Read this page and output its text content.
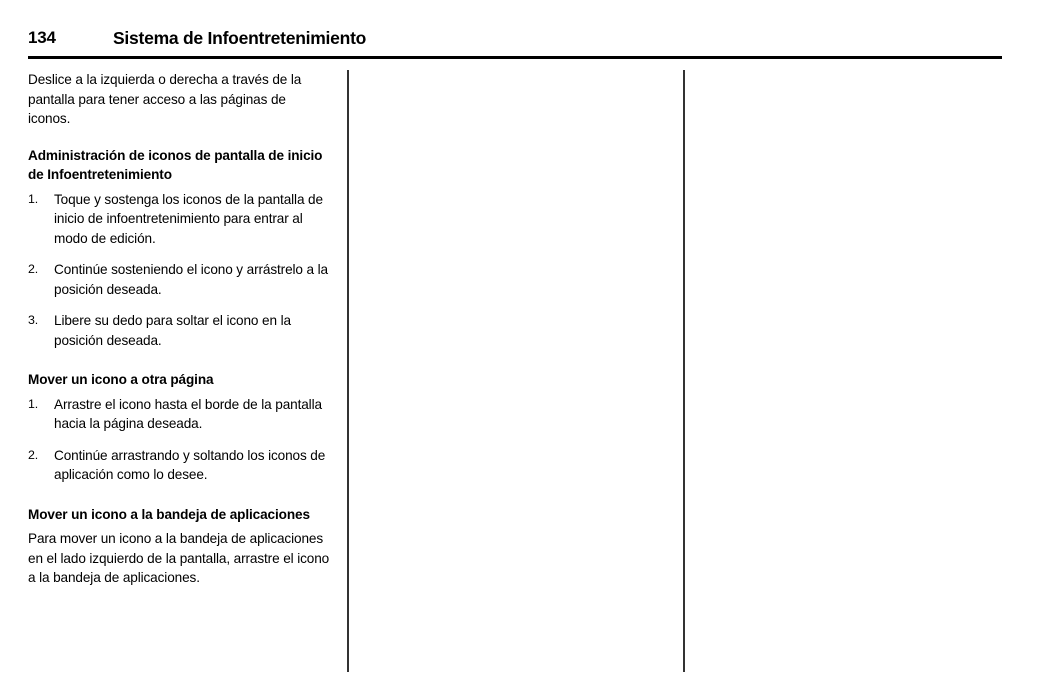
134	Sistema de Infoentretenimiento

Deslice a la izquierda o derecha a través de la pantalla para tener acceso a las páginas de iconos.

Administración de iconos de pantalla de inicio de Infoentretenimiento
1. Toque y sostenga los iconos de la pantalla de inicio de infoentretenimiento para entrar al modo de edición.
2. Continúe sosteniendo el icono y arrástrelo a la posición deseada.
3. Libere su dedo para soltar el icono en la posición deseada.
Mover un icono a otra página
1. Arrastre el icono hasta el borde de la pantalla hacia la página deseada.
2. Continúe arrastrando y soltando los iconos de aplicación como lo desee.
Mover un icono a la bandeja de aplicaciones

Para mover un icono a la bandeja de aplicaciones en el lado izquierdo de la pantalla, arrastre el icono a la bandeja de aplicaciones.
